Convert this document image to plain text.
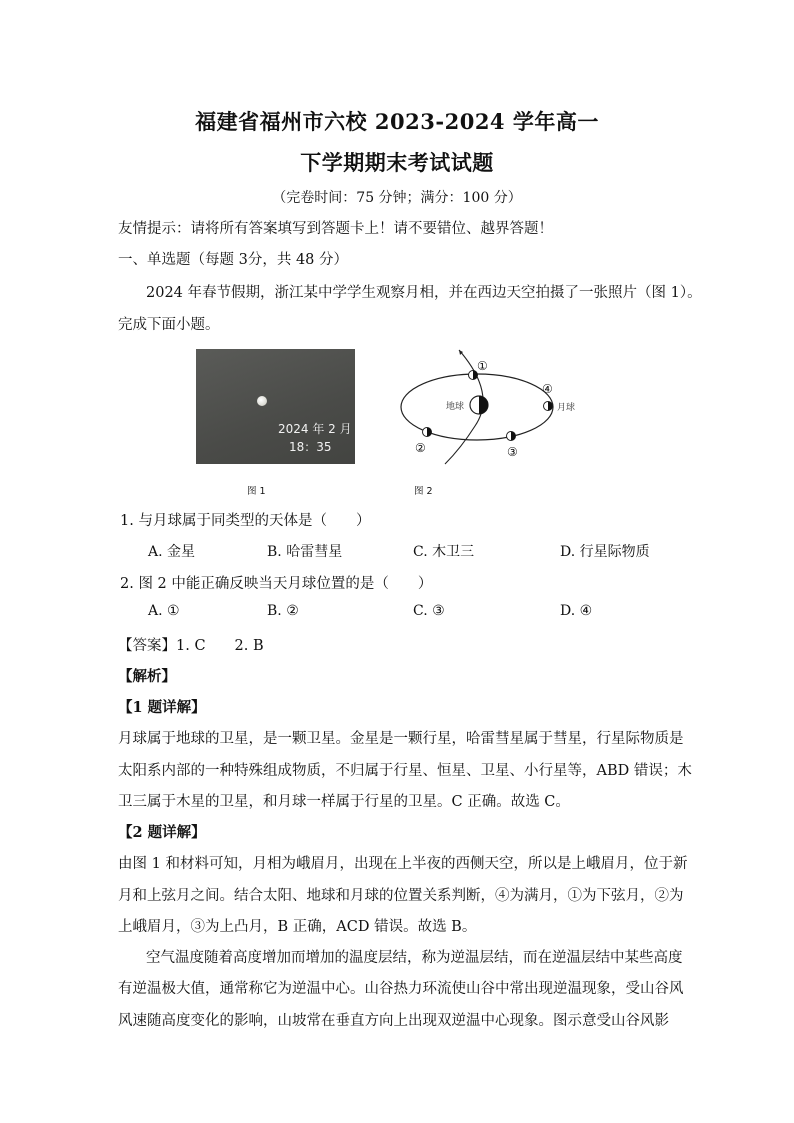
福建省福州市六校 2023-2024 学年高一
下学期期末考试试题
（完卷时间：75 分钟；满分：100 分）
友情提示：请将所有答案填写到答题卡上！请不要错位、越界答题！
一、单选题（每题 3分，共 48 分）
2024 年春节假期，浙江某中学学生观察月相，并在西边天空拍摄了一张照片（图 1）。
完成下面小题。
2024 年 2 月
18：35
图 1
地球	月球
①
②	③
④
图 2
1. 与月球属于同类型的天体是（　　）
A. 金星	B. 哈雷彗星	C. 木卫三	D. 行星际物质
2. 图 2 中能正确反映当天月球位置的是（　　）
A. ①	B. ②	C. ③	D. ④
【答案】1. C　　2. B
【解析】
【1 题详解】
月球属于地球的卫星，是一颗卫星。金星是一颗行星，哈雷彗星属于彗星，行星际物质是
太阳系内部的一种特殊组成物质，不归属于行星、恒星、卫星、小行星等，ABD 错误；木
卫三属于木星的卫星，和月球一样属于行星的卫星。C 正确。故选 C。
【2 题详解】
由图 1 和材料可知，月相为峨眉月，出现在上半夜的西侧天空，所以是上峨眉月，位于新
月和上弦月之间。结合太阳、地球和月球的位置关系判断，④为满月，①为下弦月，②为
上峨眉月，③为上凸月，B 正确，ACD 错误。故选 B。
空气温度随着高度增加而增加的温度层结，称为逆温层结，而在逆温层结中某些高度
有逆温极大值，通常称它为逆温中心。山谷热力环流使山谷中常出现逆温现象，受山谷风
风速随高度变化的影响，山坡常在垂直方向上出现双逆温中心现象。图示意受山谷风影
